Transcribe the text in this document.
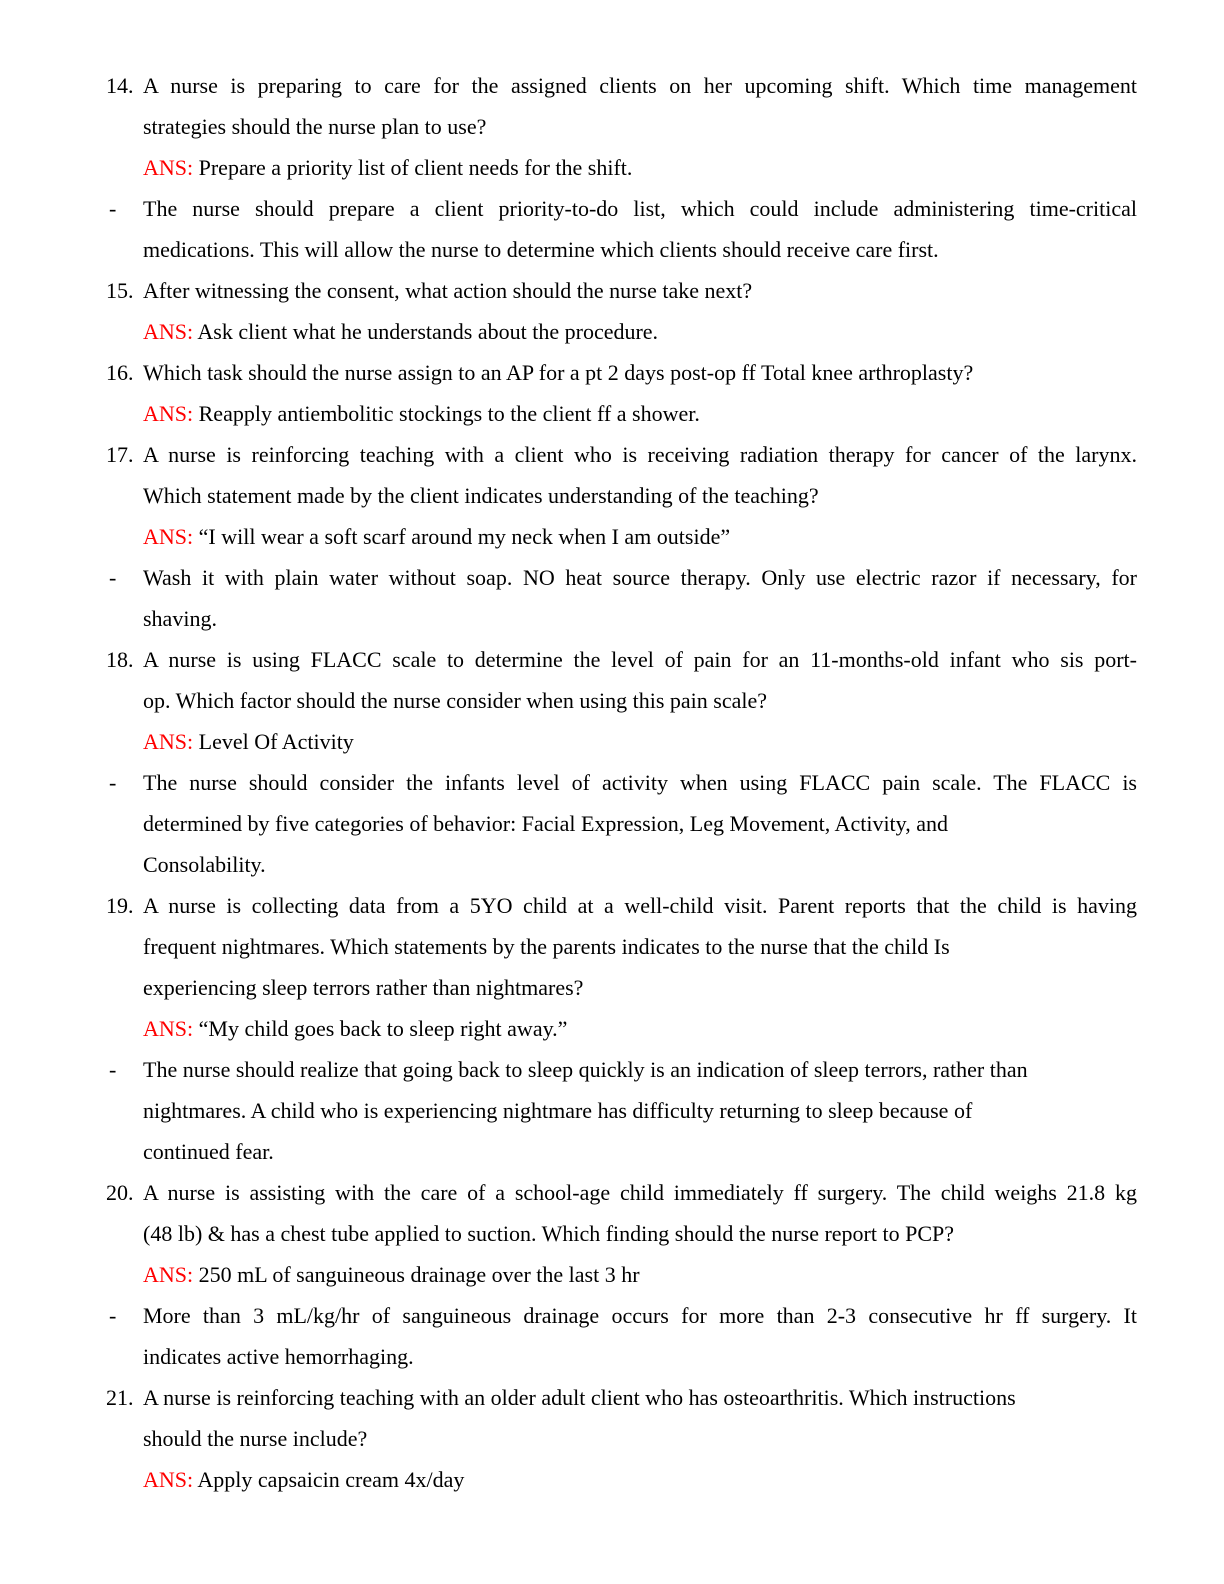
14. A nurse is preparing to care for the assigned clients on her upcoming shift. Which time management
strategies should the nurse plan to use?
ANS: Prepare a priority list of client needs for the shift.
- The nurse should prepare a client priority-to-do list, which could include administering time-critical
medications. This will allow the nurse to determine which clients should receive care first.
15. After witnessing the consent, what action should the nurse take next?
ANS: Ask client what he understands about the procedure.
16. Which task should the nurse assign to an AP for a pt 2 days post-op ff Total knee arthroplasty?
ANS: Reapply antiembolitic stockings to the client ff a shower.
17. A nurse is reinforcing teaching with a client who is receiving radiation therapy for cancer of the larynx.
Which statement made by the client indicates understanding of the teaching?
ANS: “I will wear a soft scarf around my neck when I am outside”
- Wash it with plain water without soap. NO heat source therapy. Only use electric razor if necessary, for
shaving.
18. A nurse is using FLACC scale to determine the level of pain for an 11-months-old infant who sis port-
op. Which factor should the nurse consider when using this pain scale?
ANS: Level Of Activity
- The nurse should consider the infants level of activity when using FLACC pain scale. The FLACC is
determined by five categories of behavior: Facial Expression, Leg Movement, Activity, and
Consolability.
19. A nurse is collecting data from a 5YO child at a well-child visit. Parent reports that the child is having
frequent nightmares. Which statements by the parents indicates to the nurse that the child Is
experiencing sleep terrors rather than nightmares?
ANS: “My child goes back to sleep right away.”
- The nurse should realize that going back to sleep quickly is an indication of sleep terrors, rather than
nightmares. A child who is experiencing nightmare has difficulty returning to sleep because of
continued fear.
20. A nurse is assisting with the care of a school-age child immediately ff surgery. The child weighs 21.8 kg
(48 lb) & has a chest tube applied to suction. Which finding should the nurse report to PCP?
ANS: 250 mL of sanguineous drainage over the last 3 hr
- More than 3 mL/kg/hr of sanguineous drainage occurs for more than 2-3 consecutive hr ff surgery. It
indicates active hemorrhaging.
21. A nurse is reinforcing teaching with an older adult client who has osteoarthritis. Which instructions
should the nurse include?
ANS: Apply capsaicin cream 4x/day
